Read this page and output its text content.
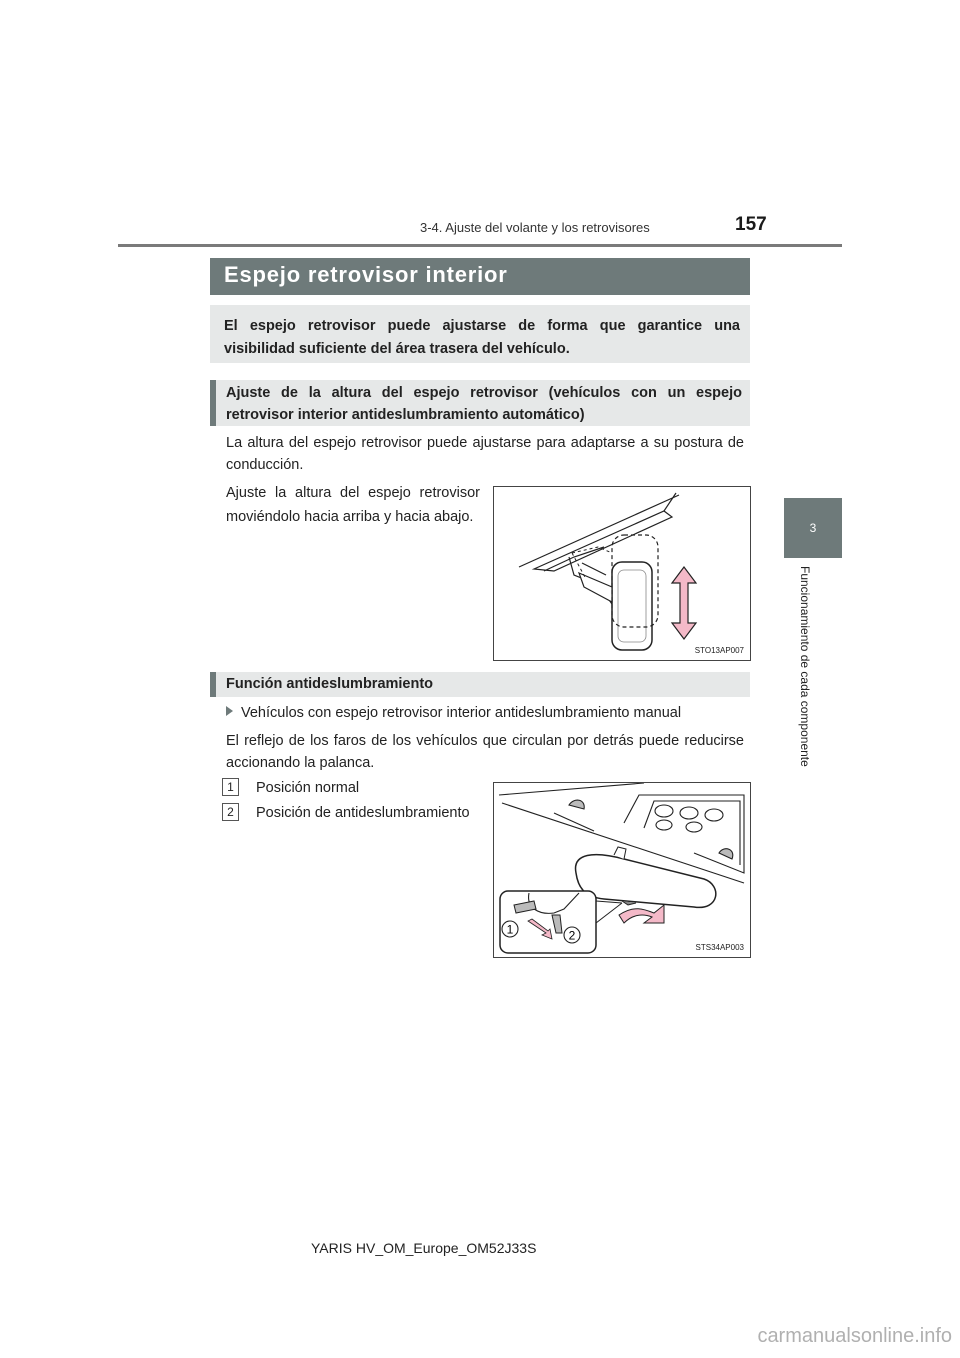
3-4. Ajuste del volante y los retrovisores	157
3
Funcionamiento de cada componente
Espejo retrovisor interior
El espejo retrovisor puede ajustarse de forma que garantice una visibilidad suficiente del área trasera del vehículo.
Ajuste de la altura del espejo retrovisor (vehículos con un espejo retrovisor interior antideslumbramiento automático)
La altura del espejo retrovisor puede ajustarse para adaptarse a su postura de conducción.
Ajuste la altura del espejo retrovisor moviéndolo hacia arriba y hacia abajo.
STO13AP007
Función antideslumbramiento
Vehículos con espejo retrovisor interior antideslumbramiento manual
El reflejo de los faros de los vehículos que circulan por detrás puede reducirse accionando la palanca.
1 Posición normal
2 Posición de antideslumbramiento
1	2
STS34AP003
YARIS HV_OM_Europe_OM52J33S
carmanualsonline.info
